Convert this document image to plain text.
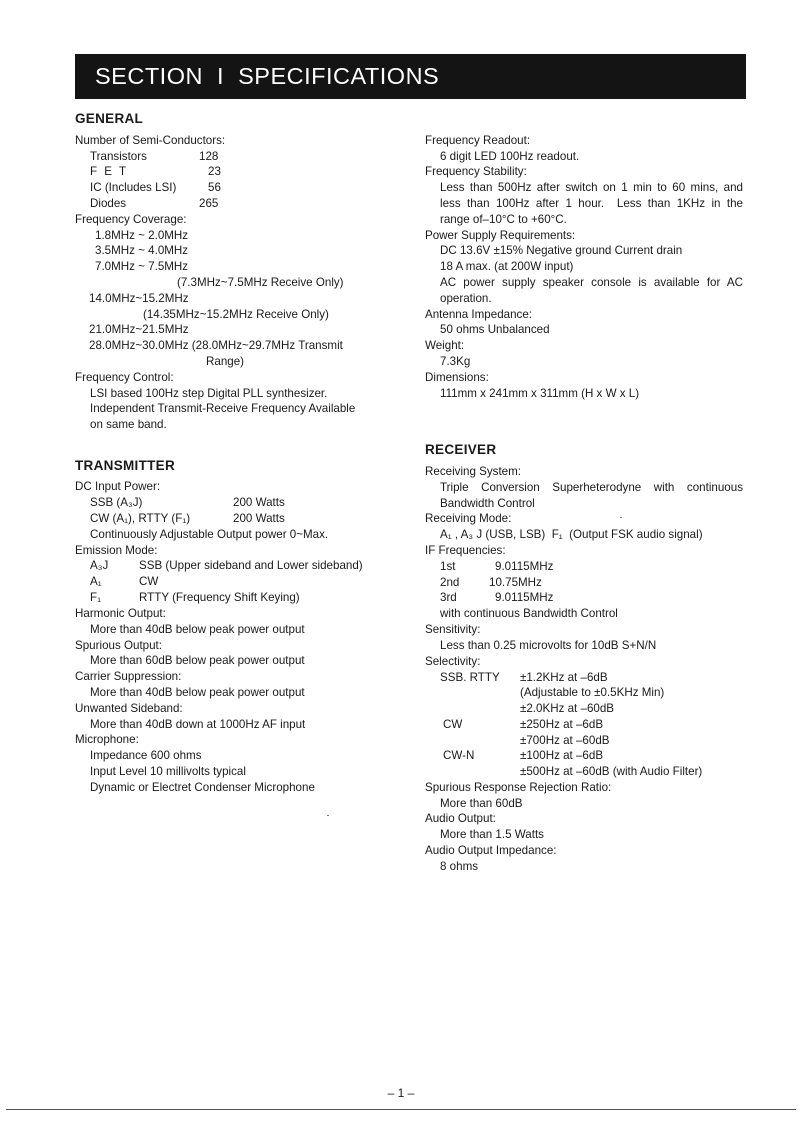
SECTION  I  SPECIFICATIONS
GENERAL
Number of Semi-Conductors:
Transistors	128
F E T	23
IC (Includes LSI)	56
Diodes	265
Frequency Coverage:
1.8MHz ~ 2.0MHz
3.5MHz ~ 4.0MHz
7.0MHz ~ 7.5MHz
(7.3MHz~7.5MHz Receive Only)
14.0MHz~15.2MHz
(14.35MHz~15.2MHz Receive Only)
21.0MHz~21.5MHz
28.0MHz~30.0MHz (28.0MHz~29.7MHz Transmit
Range)
Frequency Control:
LSI based 100Hz step Digital PLL synthesizer.
Independent Transmit-Receive Frequency Available
on same band.
TRANSMITTER
DC Input Power:
SSB (A₃J)	200 Watts
CW (A₁), RTTY (F₁)	200 Watts
Continuously Adjustable Output power 0~Max.
Emission Mode:
A₃J	SSB (Upper sideband and Lower sideband)
A₁	CW
F₁	RTTY (Frequency Shift Keying)
Harmonic Output:
More than 40dB below peak power output
Spurious Output:
More than 60dB below peak power output
Carrier Suppression:
More than 40dB below peak power output
Unwanted Sideband:
More than 40dB down at 1000Hz AF input
Microphone:
Impedance 600 ohms
Input Level 10 millivolts typical
Dynamic or Electret Condenser Microphone
Frequency Readout:
6 digit LED 100Hz readout.
Frequency Stability:
Less than 500Hz after switch on 1 min to 60 mins, and
less than 100Hz after 1 hour.  Less than 1KHz in the
range of–10°C to +60°C.
Power Supply Requirements:
DC 13.6V ±15% Negative ground Current drain
18 A max. (at 200W input)
AC power supply speaker console is available for AC
operation.
Antenna Impedance:
50 ohms Unbalanced
Weight:
7.3Kg
Dimensions:
111mm x 241mm x 311mm (H x W x L)
RECEIVER
Receiving System:
Triple  Conversion  Superheterodyne  with  continuous
Bandwidth Control
Receiving Mode:
A₁ , A₃ J (USB, LSB)  F₁  (Output FSK audio signal)
IF Frequencies:
1st	9.0115MHz
2nd	10.75MHz
3rd	9.0115MHz
with continuous Bandwidth Control
Sensitivity:
Less than 0.25 microvolts for 10dB S+N/N
Selectivity:
SSB. RTTY ±1.2KHz at –6dB
(Adjustable to ±0.5KHz Min)
±2.0KHz at –60dB
CW	±250Hz at –6dB
±700Hz at –60dB
CW-N	±100Hz at –6dB
±500Hz at –60dB (with Audio Filter)
Spurious Response Rejection Ratio:
More than 60dB
Audio Output:
More than 1.5 Watts
Audio Output Impedance:
8 ohms
– 1 –
